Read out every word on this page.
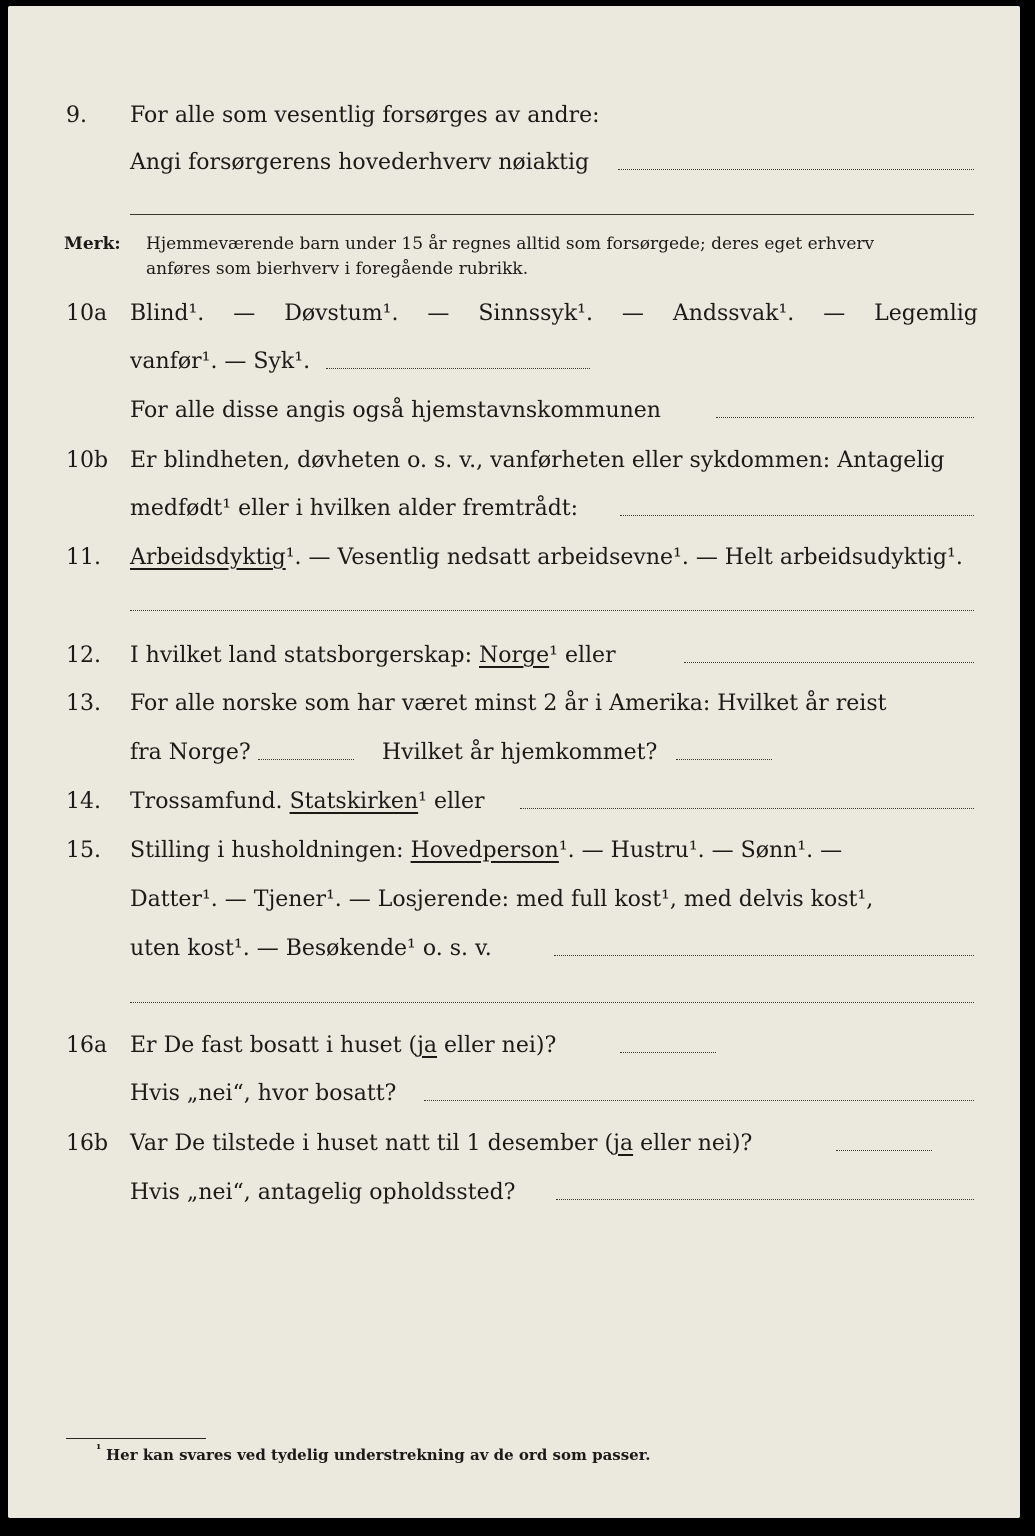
9. For alle som vesentlig forsørges av andre:
Angi forsørgerens hovederhverv nøiaktig
Merk: Hjemmeværende barn under 15 år regnes alltid som forsørgede; deres eget erhverv
anføres som bierhverv i foregående rubrikk.
10a Blind¹. — Døvstum¹. — Sinnssyk¹. — Andssvak¹. — Legemlig
vanfør¹. — Syk¹.
For alle disse angis også hjemstavnskommunen
10b Er blindheten, døvheten o. s. v., vanførheten eller sykdommen: Antagelig
medfødt¹ eller i hvilken alder fremtrådt:
11. Arbeidsdyktig¹. — Vesentlig nedsatt arbeidsevne¹. — Helt arbeidsudyktig¹.
12. I hvilket land statsborgerskap: Norge¹ eller
13. For alle norske som har været minst 2 år i Amerika: Hvilket år reist
fra Norge?	Hvilket år hjemkommet?
14. Trossamfund. Statskirken¹ eller
15. Stilling i husholdningen: Hovedperson¹. — Hustru¹. — Sønn¹. —
Datter¹. — Tjener¹. — Losjerende: med full kost¹, med delvis kost¹,
uten kost¹. — Besøkende¹ o. s. v.
16a Er De fast bosatt i huset (ja eller nei)?
Hvis „nei“, hvor bosatt?
16b Var De tilstede i huset natt til 1 desember (ja eller nei)?
Hvis „nei“, antagelig opholdssted?
¹ Her kan svares ved tydelig understrekning av de ord som passer.
